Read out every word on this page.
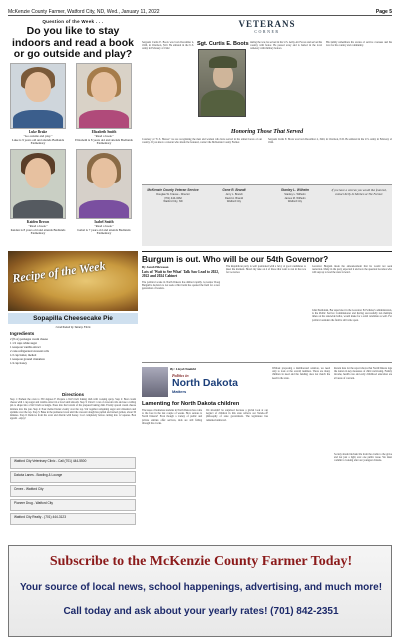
McKenzie County Farmer, Watford City, ND, Wed., January 11, 2022	Page 5
Question of the Week . . .
Do you like to stay indoors and read a book or go outside and play?
Luke Brake
"Go outside and play."
Luke is 9 years old and attends Badlands Elementary
Elizabeth Smith
"Read a book."
Elizabeth is 8 years old and attends Badlands Elementary
Kaiden Brown
"Read a book."
Kaiden is 8 years old and attends Badlands Elementary
Isabel Smith
"Read a book."
Isabel is 7 years old and attends Badlands Elementary
VETERANS
CORNER
Sergeant Curtis E. Boots was born December 4, 1920, in Charlson, N.D. He enlisted in the U.S. Army in February of 1942.
Sgt. Curtis E. Boots during the war, he served in the U.S. Army Air Forces and served his country with honor. He passed away and is buried in the local cemetery with military honors.
His family remembers his stories of service overseas and his love for his country and community.
Honoring Those That Served
Courtesy of "U.S. Heroes" we are recognizing the men and women who have served in the armed forces of our country. If you know a veteran who should be featured, contact the McKenzie County Farmer.
Sergeant Curtis E. Boots was born December 4, 1920, in Charlson, N.D. He enlisted in the U.S. Army in February of 1942.
McKenzie County Veteran Service
Douglas W. Krause - Director
(701) 444-3462
Watford City, ND
Gene R. Brandt
Jerry L. Brandt
David A. Brandt
Watford City
Stanley L. Wilhelm
Stanley L. Wilhelm
James M. Wilhelm
Watford City
If you have a veteran you would like featured, contact Kelly.Jo Morken at The Farmer.
Recipe of the Week
Sopapilla Cheesecake Pie
Contributed by Tammy Fleck
Ingredients
2 (8 oz) packages cream cheese
1 1/2 cups white sugar
1 teaspoon vanilla extract
2 cans refrigerated crescent rolls
1/2 cup butter, melted
1 teaspoon ground cinnamon
1/4 cup honey
Directions
Step 1: Preheat the oven to 350 degrees F. Prepare a 9x13 inch baking dish with cooking spray. Step 2: Beat cream cheese with 1 cup sugar and vanilla extract in a bowl until smooth. Step 3: Unroll 1 can of crescent rolls and use a rolling pin to shape into a 9x13 inch rectangle. Press into the bottom of the prepared baking dish. Evenly spread cream cheese mixture into the pan. Step 4: Pour melted butter evenly over the top. Stir together remaining sugar and cinnamon and sprinkle over the top. Step 5: Bake in the preheated oven until the crescent dough has puffed and turned golden, about 30 minutes. Step 6: Remove from the oven and drizzle with honey. Cool completely before cutting into 12 squares. Bon appetit - enjoy!
Watford City Veterinary Clinic - Call (701) 444-5500
Dakota Lanes - Bowling & Lounge
Cenex - Watford City
Pioneer Drug - Watford City
Watford City Realty - (701) 444-3123
Burgum is out. Who will be our 54th Governor?
By Jacob Ellevason
Lots of 'Wait to See What' Talk Saw Lead to 2022, 2022 and 2024 Cabinet
The political scene in North Dakota has shifted rapidly. Governor Doug Burgum's decision to not seek a third term has opened the field for a new generation of leaders.
The Republican party is well positioned with a bevy of good candidates to meet the moment. Here's my take on 4 of those that want to run in the race for Governor.
Governor Burgum made the announcement that he would not seek reelection. Many in the party expected it and now the question becomes who will step up to lead the state forward.
John Pierhofski, Bar supervisor in the Governor Ed Schafer's administration, is the Public Service Commissioner and having successfully run multiple times on the statewide ballot, would make for a solid candidate as well. For political outsiders the field is still wide open.
By: Lloyd Omdahl
Politics in
North Dakota
Matters
Lamenting for North Dakota children
The issue of homeless students in North Dakota has come to the fore in the last couple of weeks. How serious is North Dakota? Even though a variety of public and private entities offer services, kids are still falling through the cracks.
We shouldn't be surprised because a global look at our neglect of children in this state reflects our 'hands-off' philosophy of state government. The legislature has remained unmoved.
Without proposing a multifaceted solution, we need only to look at the overall numbers. There are many children in need and the funding does not match the need in the state.
Recent data for the report shows that North Dakota lags the nation in key measures of child well-being. Family income, health care and early childhood education are all areas of concern.
Society should include life from the cradle to the grave and not just a light over one public issue. We must commit to looking after our youngest citizens.
Subscribe to the McKenzie County Farmer Today!
Your source of local news, school happenings, advertising, and much more!
Call today and ask about your yearly rates! (701) 842-2351
